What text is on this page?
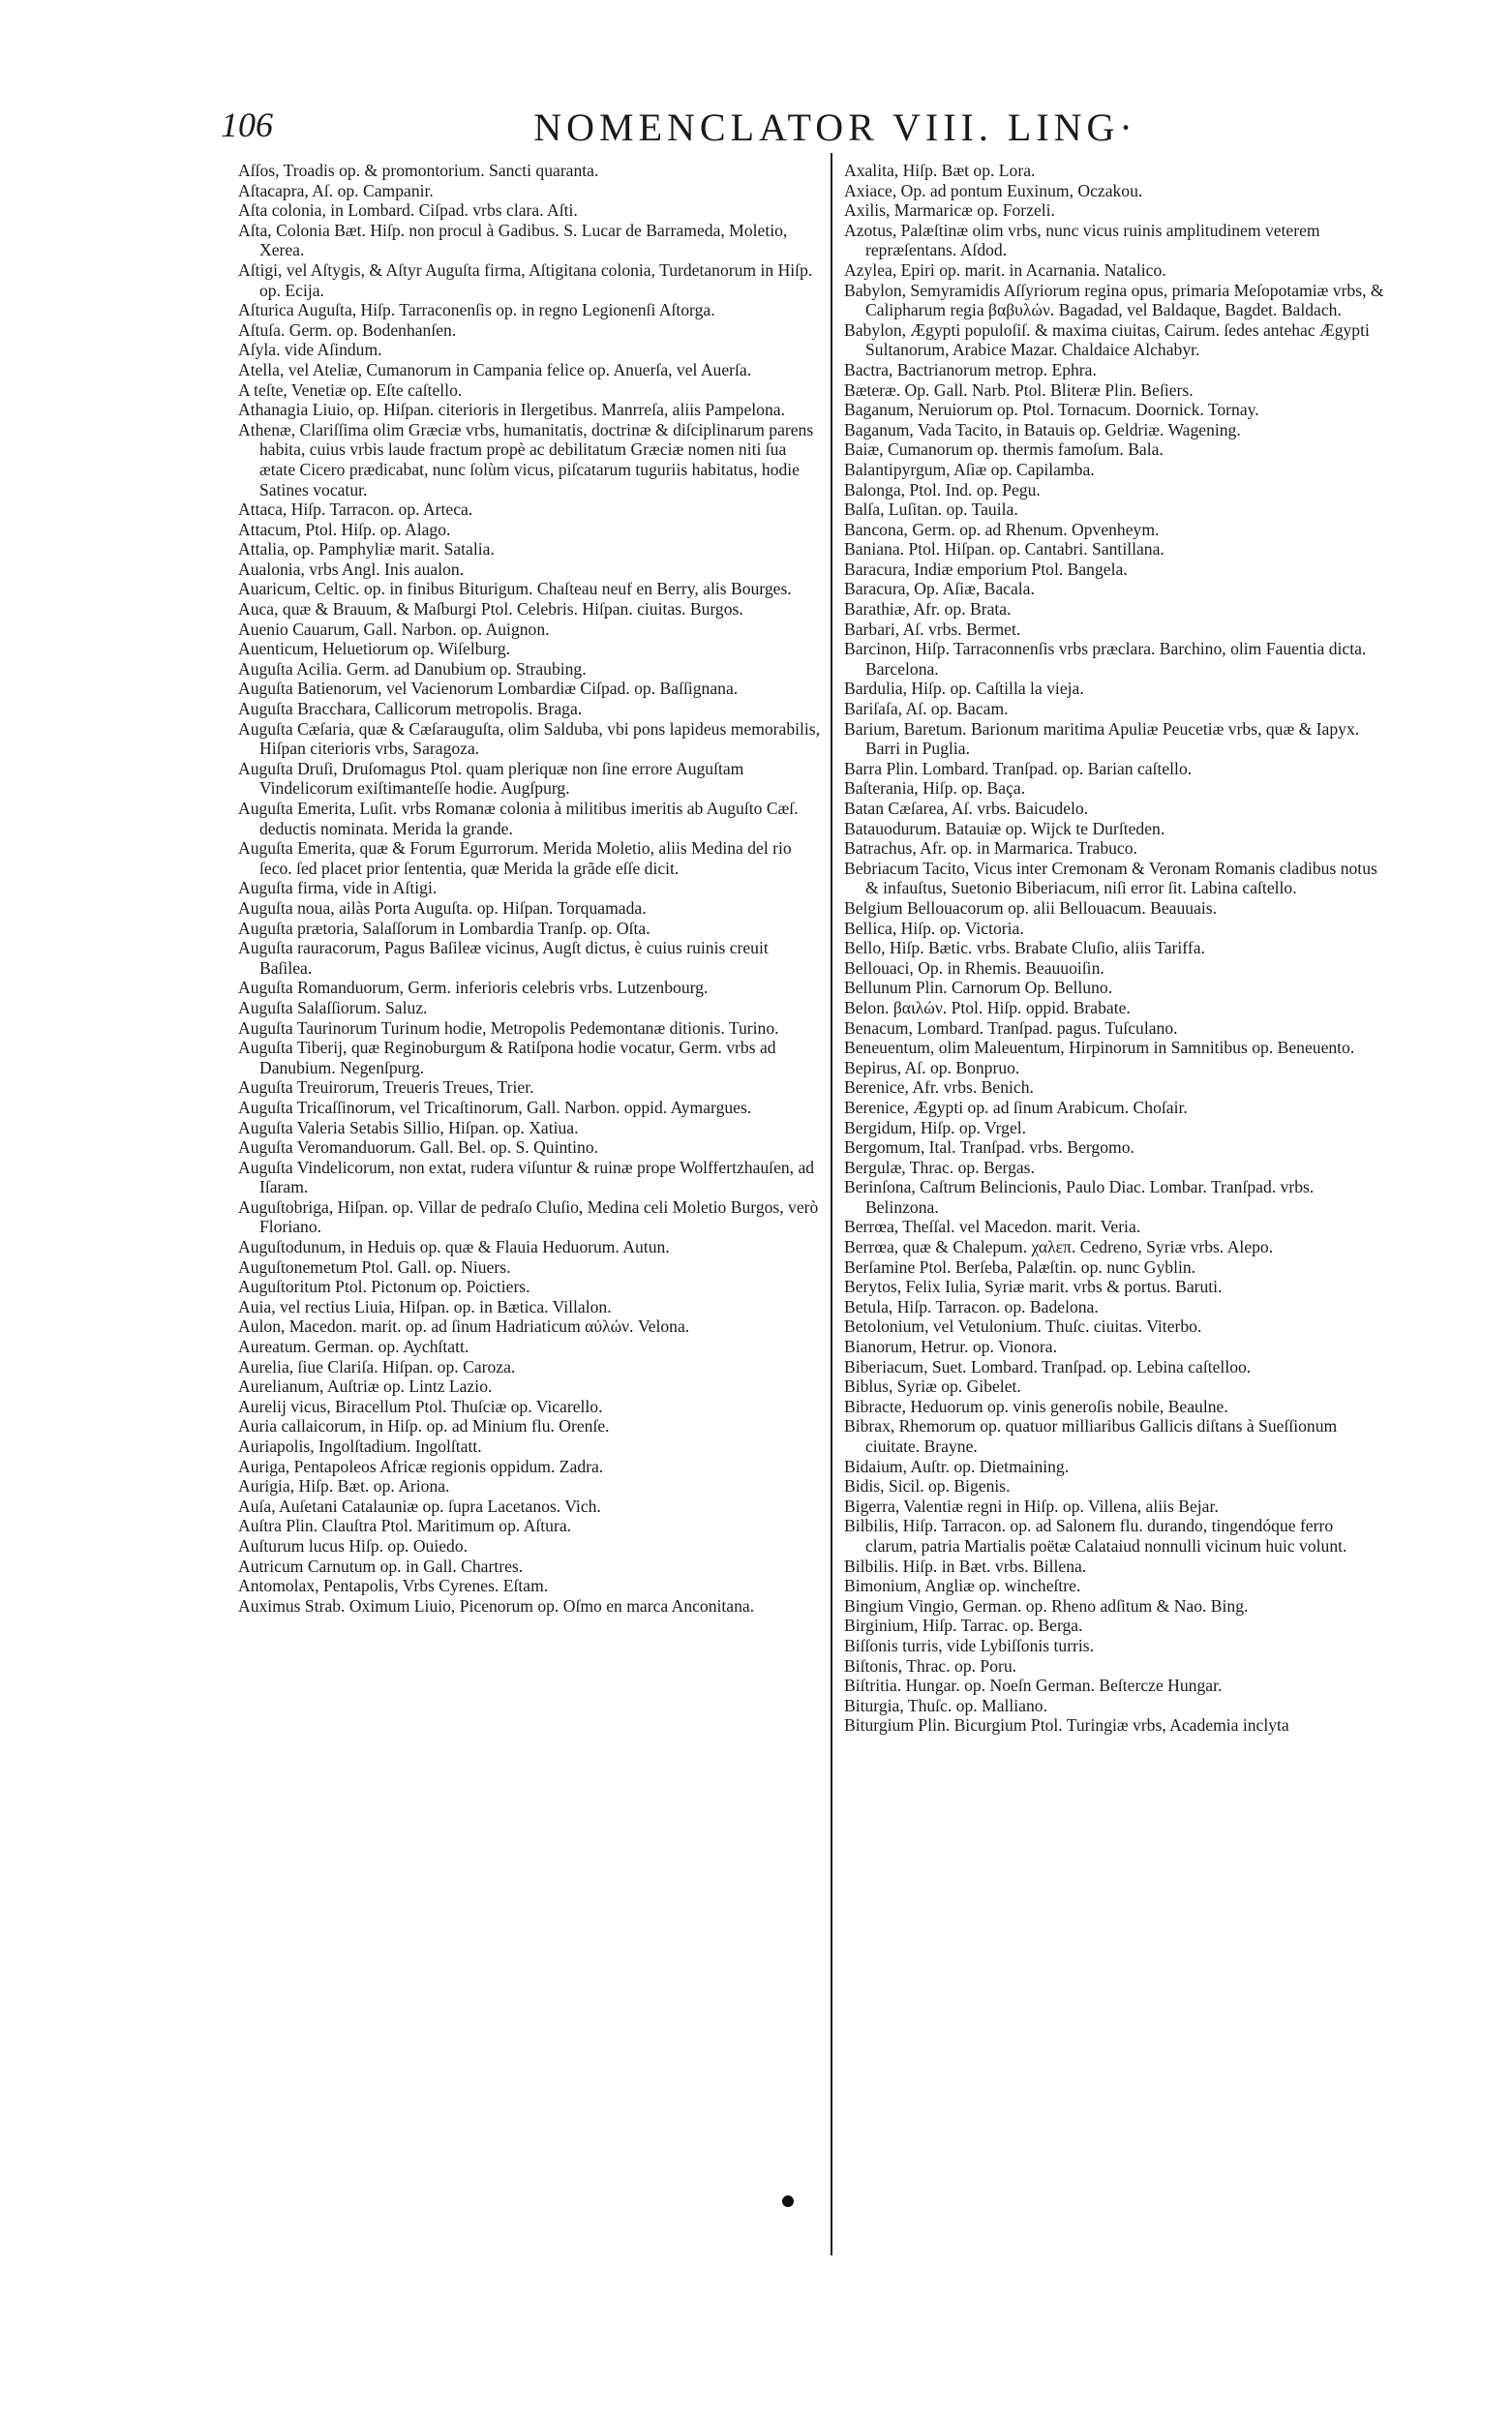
106	NOMENCLATOR VIII. LING·
Aſſos, Troadis op. & promontorium. Sancti quaranta.
Aſtacapra, Aſ. op. Campanir.
Aſta colonia, in Lombard. Ciſpad. vrbs clara. Aſti.
Aſta, Colonia Bæt. Hiſp. non procul à Gadibus. S. Lucar de Barrameda, Moletio, Xerea.
Aſtigi, vel Aſtygis, & Aſtyr Auguſta firma, Aſtigitana colonia, Turdetanorum in Hiſp. op. Ecija.
Aſturica Auguſta, Hiſp. Tarraconenſis op. in regno Legionenſi Aſtorga.
Aſtuſa. Germ. op. Bodenhanſen.
Aſyla. vide Aſindum.
Atella, vel Ateliæ, Cumanorum in Campania felice op. Anuerſa, vel Auerſa.
A teſte, Venetiæ op. Eſte caſtello.
Athanagia Liuio, op. Hiſpan. citerioris in Ilergetibus. Manrreſa, aliis Pampelona.
Athenæ, Clariſſima olim Græciæ vrbs, humanitatis, doctrinæ & diſciplinarum parens habita, cuius vrbis laude fractum propè ac debilitatum Græciæ nomen niti ſua ætate Cicero prædicabat, nunc ſolùm vicus, piſcatarum tuguriis habitatus, hodie Satines vocatur.
Attaca, Hiſp. Tarracon. op. Arteca.
Attacum, Ptol. Hiſp. op. Alago.
Attalia, op. Pamphyliæ marit. Satalia.
Aualonia, vrbs Angl. Inis aualon.
Auaricum, Celtic. op. in finibus Biturigum. Chaſteau neuf en Berry, alis Bourges.
Auca, quæ & Brauum, & Maſburgi Ptol. Celebris. Hiſpan. ciuitas. Burgos.
Auenio Cauarum, Gall. Narbon. op. Auignon.
Auenticum, Heluetiorum op. Wiſelburg.
Auguſta Acilia. Germ. ad Danubium op. Straubing.
Auguſta Batienorum, vel Vacienorum Lombardiæ Ciſpad. op. Baſſignana.
Auguſta Bracchara, Callicorum metropolis. Braga.
Auguſta Cæſaria, quæ & Cæſarauguſta, olim Salduba, vbi pons lapideus memorabilis, Hiſpan citerioris vrbs, Saragoza.
Auguſta Druſi, Druſomagus Ptol. quam pleriquæ non ſine errore Auguſtam Vindelicorum exiſtimanteſſe hodie. Augſpurg.
Auguſta Emerita, Luſit. vrbs Romanæ colonia à militibus imeritis ab Auguſto Cæſ. deductis nominata. Merida la grande.
Auguſta Emerita, quæ & Forum Egurrorum. Merida Moletio, aliis Medina del rio ſeco. ſed placet prior ſententia, quæ Merida la grãde eſſe dicit.
Auguſta firma, vide in Aſtigi.
Auguſta noua, ailàs Porta Auguſta. op. Hiſpan. Torquamada.
Auguſta prætoria, Salaſſorum in Lombardia Tranſp. op. Oſta.
Auguſta rauracorum, Pagus Baſileæ vicinus, Augſt dictus, è cuius ruinis creuit Baſilea.
Auguſta Romanduorum, Germ. inferioris celebris vrbs. Lutzenbourg.
Auguſta Salaſſiorum. Saluz.
Auguſta Taurinorum Turinum hodie, Metropolis Pedemontanæ ditionis. Turino.
Auguſta Tiberij, quæ Reginoburgum & Ratiſpona hodie vocatur, Germ. vrbs ad Danubium. Negenſpurg.
Auguſta Treuirorum, Treueris Treues, Trier.
Auguſta Tricaſſinorum, vel Tricaſtinorum, Gall. Narbon. oppid. Aymargues.
Auguſta Valeria Setabis Sillio, Hiſpan. op. Xatiua.
Auguſta Veromanduorum. Gall. Bel. op. S. Quintino.
Auguſta Vindelicorum, non extat, rudera viſuntur & ruinæ prope Wolffertzhauſen, ad Iſaram.
Auguſtobriga, Hiſpan. op. Villar de pedraſo Cluſio, Medina celi Moletio Burgos, verò Floriano.
Auguſtodunum, in Heduis op. quæ & Flauia Heduorum. Autun.
Auguſtonemetum Ptol. Gall. op. Niuers.
Auguſtoritum Ptol. Pictonum op. Poictiers.
Auia, vel rectius Liuia, Hiſpan. op. in Bætica. Villalon.
Aulon, Macedon. marit. op. ad ſinum Hadriaticum αὐλών. Velona.
Aureatum. German. op. Aychſtatt.
Aurelia, ſiue Clariſa. Hiſpan. op. Caroza.
Aurelianum, Auſtriæ op. Lintz Lazio.
Aurelij vicus, Biracellum Ptol. Thuſciæ op. Vicarello.
Auria callaicorum, in Hiſp. op. ad Minium flu. Orenſe.
Auriapolis, Ingolſtadium. Ingolſtatt.
Auriga, Pentapoleos Africæ regionis oppidum. Zadra.
Aurigia, Hiſp. Bæt. op. Ariona.
Auſa, Auſetani Catalauniæ op. ſupra Lacetanos. Vich.
Auſtra Plin. Clauſtra Ptol. Maritimum op. Aſtura.
Auſturum lucus Hiſp. op. Ouiedo.
Autricum Carnutum op. in Gall. Chartres.
Antomolax, Pentapolis, Vrbs Cyrenes. Eſtam.
Auximus Strab. Oximum Liuio, Picenorum op. Oſmo en marca Anconitana.
Axalita, Hiſp. Bæt op. Lora.
Axiace, Op. ad pontum Euxinum, Oczakou.
Axilis, Marmaricæ op. Forzeli.
Azotus, Palæſtinæ olim vrbs, nunc vicus ruinis amplitudinem veterem repræſentans. Aſdod.
Azylea, Epiri op. marit. in Acarnania. Natalico.
Babylon, Semyramidis Aſſyriorum regina opus, primaria Meſopotamiæ vrbs, & Calipharum regia βαβυλών. Bagadad, vel Baldaque, Bagdet. Baldach.
Babylon, Ægypti populoſiſ. & maxima ciuitas, Cairum. ſedes antehac Ægypti Sultanorum, Arabice Mazar. Chaldaice Alchabyr.
Bactra, Bactrianorum metrop. Ephra.
Bæteræ. Op. Gall. Narb. Ptol. Bliteræ Plin. Beſiers.
Baganum, Neruiorum op. Ptol. Tornacum. Doornick. Tornay.
Baganum, Vada Tacito, in Batauis op. Geldriæ. Wagening.
Baiæ, Cumanorum op. thermis famoſum. Bala.
Balantipyrgum, Aſiæ op. Capilamba.
Balonga, Ptol. Ind. op. Pegu.
Balſa, Luſitan. op. Tauila.
Bancona, Germ. op. ad Rhenum. Opvenheym.
Baniana. Ptol. Hiſpan. op. Cantabri. Santillana.
Baracura, Indiæ emporium Ptol. Bangela.
Baracura, Op. Aſiæ, Bacala.
Barathiæ, Afr. op. Brata.
Barbari, Aſ. vrbs. Bermet.
Barcinon, Hiſp. Tarraconnenſis vrbs præclara. Barchino, olim Fauentia dicta. Barcelona.
Bardulia, Hiſp. op. Caſtilla la vieja.
Bariſaſa, Aſ. op. Bacam.
Barium, Baretum. Barionum maritima Apuliæ Peucetiæ vrbs, quæ & Iapyx. Barri in Puglia.
Barra Plin. Lombard. Tranſpad. op. Barian caſtello.
Baſterania, Hiſp. op. Baça.
Batan Cæſarea, Aſ. vrbs. Baicudelo.
Batauodurum. Batauiæ op. Wijck te Durſteden.
Batrachus, Afr. op. in Marmarica. Trabuco.
Bebriacum Tacito, Vicus inter Cremonam & Veronam Romanis cladibus notus & infauſtus, Suetonio Biberiacum, niſi error ſit. Labina caſtello.
Belgium Bellouacorum op. alii Bellouacum. Beauuais.
Bellica, Hiſp. op. Victoria.
Bello, Hiſp. Bætic. vrbs. Brabate Cluſio, aliis Tariffa.
Bellouaci, Op. in Rhemis. Beauuoiſin.
Bellunum Plin. Carnorum Op. Belluno.
Belon. βαιλών. Ptol. Hiſp. oppid. Brabate.
Benacum, Lombard. Tranſpad. pagus. Tuſculano.
Beneuentum, olim Maleuentum, Hirpinorum in Samnitibus op. Beneuento.
Bepirus, Aſ. op. Bonpruo.
Berenice, Afr. vrbs. Benich.
Berenice, Ægypti op. ad ſinum Arabicum. Choſair.
Bergidum, Hiſp. op. Vrgel.
Bergomum, Ital. Tranſpad. vrbs. Bergomo.
Bergulæ, Thrac. op. Bergas.
Berinſona, Caſtrum Belincionis, Paulo Diac. Lombar. Tranſpad. vrbs. Belinzona.
Berrœa, Theſſal. vel Macedon. marit. Veria.
Berrœa, quæ & Chalepum. χαλεπ. Cedreno, Syriæ vrbs. Alepo.
Berſamine Ptol. Berſeba, Palæſtin. op. nunc Gyblin.
Berytos, Felix Iulia, Syriæ marit. vrbs & portus. Baruti.
Betula, Hiſp. Tarracon. op. Badelona.
Betolonium, vel Vetulonium. Thuſc. ciuitas. Viterbo.
Bianorum, Hetrur. op. Vionora.
Biberiacum, Suet. Lombard. Tranſpad. op. Lebina caſtelloo.
Biblus, Syriæ op. Gibelet.
Bibracte, Heduorum op. vinis generoſis nobile, Beaulne.
Bibrax, Rhemorum op. quatuor milliaribus Gallicis diſtans à Sueſſionum ciuitate. Brayne.
Bidaium, Auſtr. op. Dietmaining.
Bidis, Sicil. op. Bigenis.
Bigerra, Valentiæ regni in Hiſp. op. Villena, aliis Bejar.
Bilbilis, Hiſp. Tarracon. op. ad Salonem flu. durando, tingendóque ferro clarum, patria Martialis poëtæ Calataiud nonnulli vicinum huic volunt.
Bilbilis. Hiſp. in Bæt. vrbs. Billena.
Bimonium, Angliæ op. wincheſtre.
Bingium Vingio, German. op. Rheno adſitum & Nao. Bing.
Birginium, Hiſp. Tarrac. op. Berga.
Biſſonis turris, vide Lybiſſonis turris.
Biſtonis, Thrac. op. Poru.
Biſtritia. Hungar. op. Noeſn German. Beſtercze Hungar.
Biturgia, Thuſc. op. Malliano.
Biturgium Plin. Bicurgium Ptol. Turingiæ vrbs, Academia inclyta
